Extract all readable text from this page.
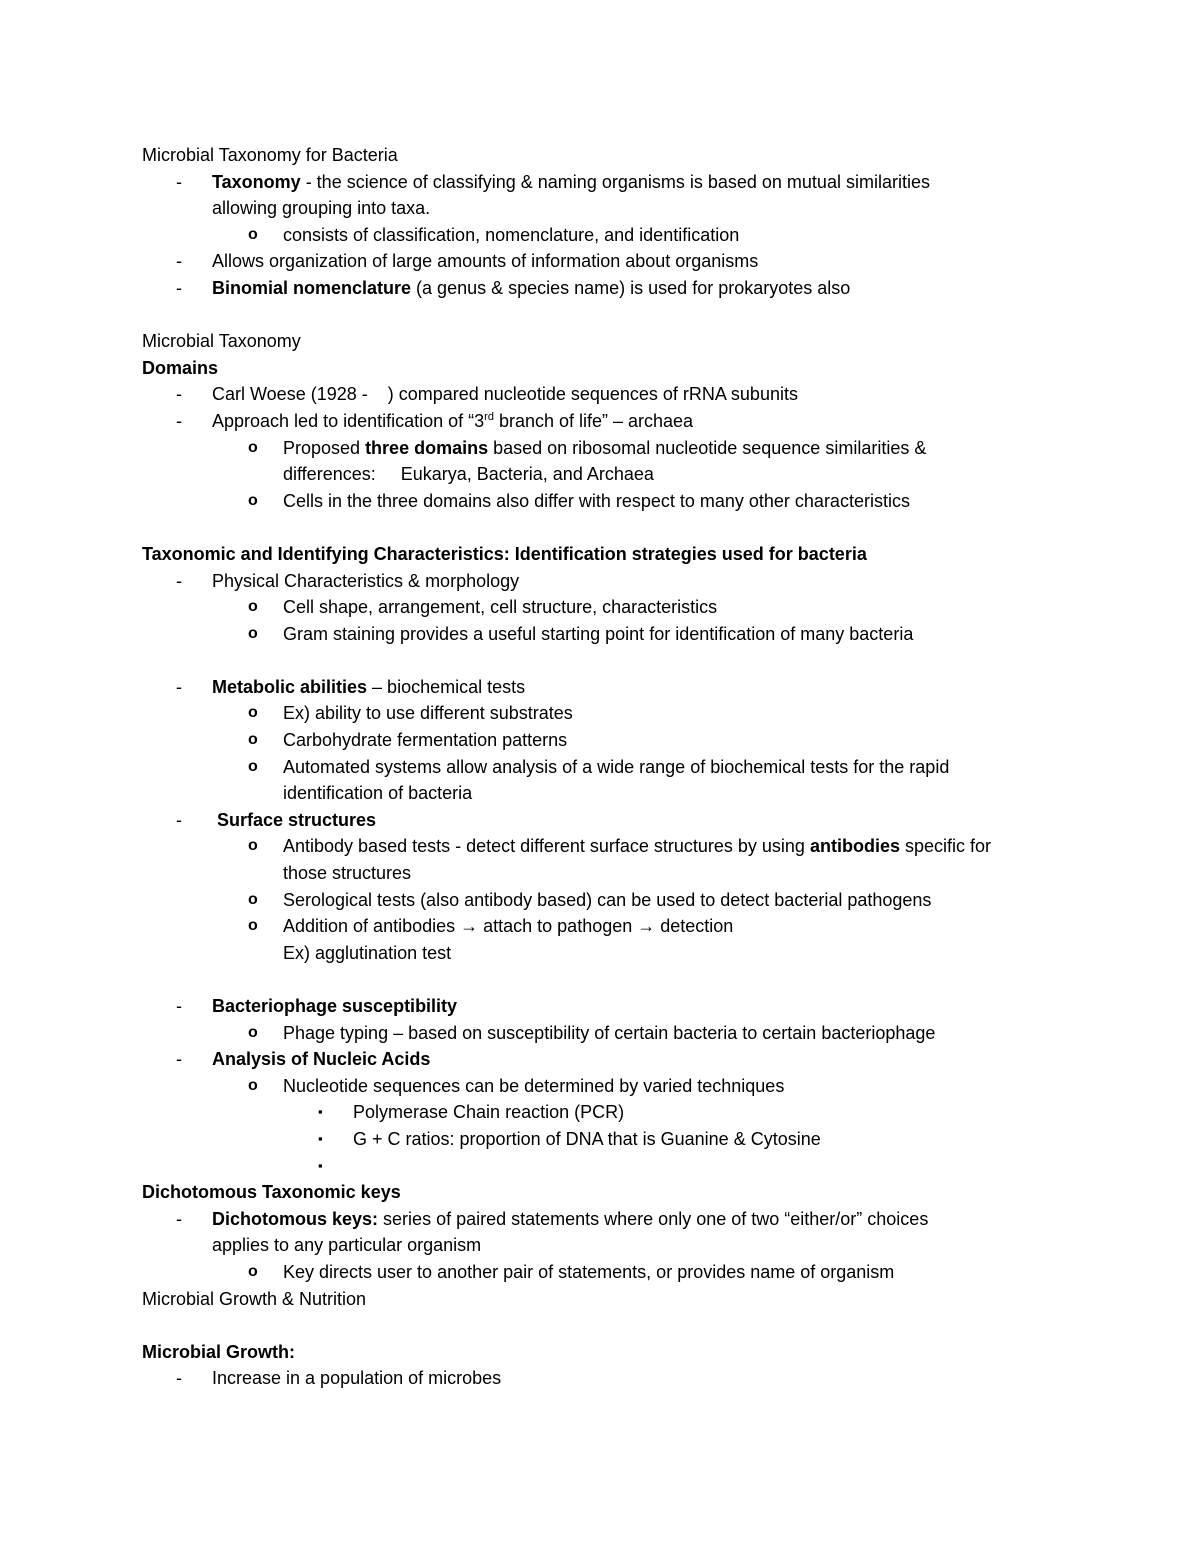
Microbial Taxonomy for Bacteria
- Taxonomy - the science of classifying & naming organisms is based on mutual similarities
allowing grouping into taxa.
o consists of classification, nomenclature, and identification
- Allows organization of large amounts of information about organisms
- Binomial nomenclature (a genus & species name) is used for prokaryotes also
Microbial Taxonomy
Domains
- Carl Woese (1928 -    ) compared nucleotide sequences of rRNA subunits
- Approach led to identification of “3rd branch of life” – archaea
o Proposed three domains based on ribosomal nucleotide sequence similarities &
differences:     Eukarya, Bacteria, and Archaea
o Cells in the three domains also differ with respect to many other characteristics
Taxonomic and Identifying Characteristics: Identification strategies used for bacteria
- Physical Characteristics & morphology
o Cell shape, arrangement, cell structure, characteristics
o Gram staining provides a useful starting point for identification of many bacteria
- Metabolic abilities – biochemical tests
o Ex) ability to use different substrates
o Carbohydrate fermentation patterns
o Automated systems allow analysis of a wide range of biochemical tests for the rapid
identification of bacteria
- Surface structures
o Antibody based tests - detect different surface structures by using antibodies specific for
those structures
o Serological tests (also antibody based) can be used to detect bacterial pathogens
o Addition of antibodies → attach to pathogen → detection
Ex) agglutination test
- Bacteriophage susceptibility
o Phage typing – based on susceptibility of certain bacteria to certain bacteriophage
- Analysis of Nucleic Acids
o Nucleotide sequences can be determined by varied techniques
▪ Polymerase Chain reaction (PCR)
▪ G + C ratios: proportion of DNA that is Guanine & Cytosine
▪
Dichotomous Taxonomic keys
- Dichotomous keys: series of paired statements where only one of two “either/or” choices
applies to any particular organism
o Key directs user to another pair of statements, or provides name of organism
Microbial Growth & Nutrition
Microbial Growth:
- Increase in a population of microbes
